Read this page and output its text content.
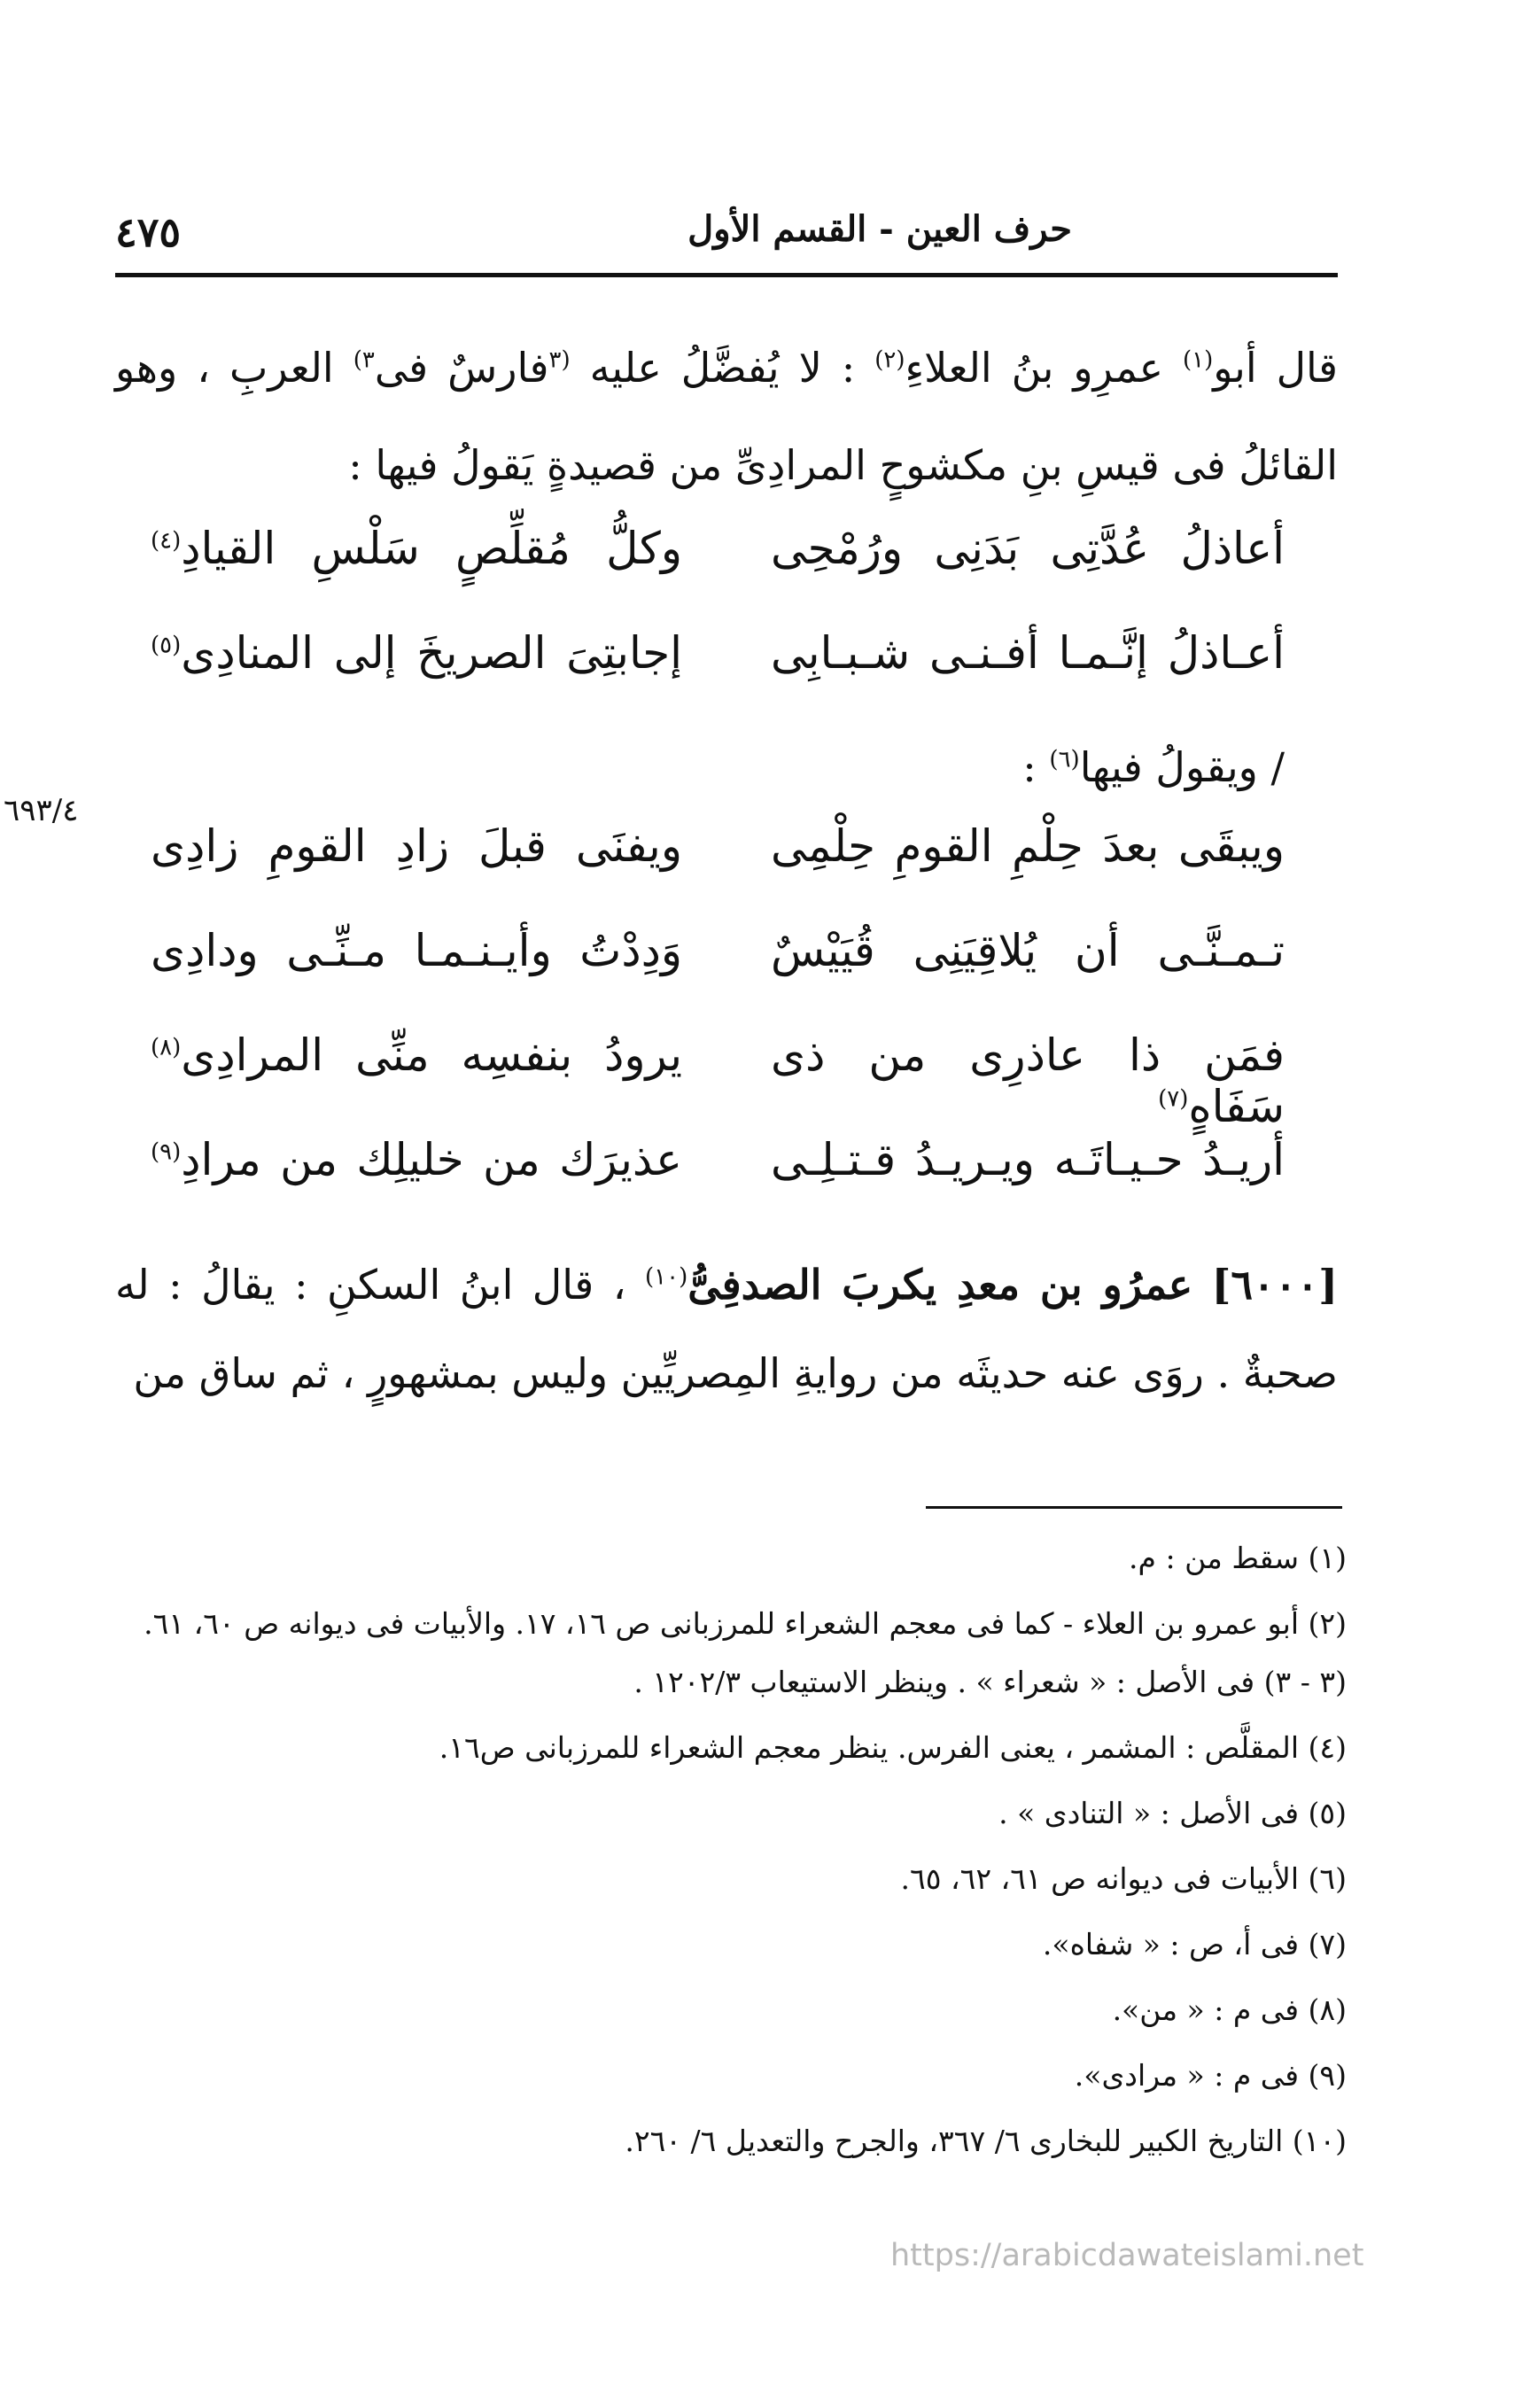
٤٧٥	حرف العين - القسم الأول
٦٩٣/٤

قال أبو$^{(١)}$ عمرِو بنُ العلاءِ$^{(٢)}$ : لا يُفضَّلُ عليه $^{(٣}$فارسٌ فى$^{٣)}$ العربِ ، وهو القائلُ فى قيسِ بنِ مكشوحٍ المرادِىِّ من قصيدةٍ يَقولُ فيها :

أعاذلُ عُدَّتِى بَدَنِى ورُمْحِى
وكلُّ مُقلِّصٍ سَلْسِ القيادِ$^{(٤)}$
أعـاذلُ إنَّـمـا أفـنـى شـبـابِى
إجابتِىَ الصريخَ إلى المنادِى$^{(٥)}$
/ ويقولُ فيها$^{(٦)}$ :
ويبقَى بعدَ حِلْمِ القومِ حِلْمِى
ويفنَى قبلَ زادِ القومِ زادِى
تـمـنَّـى أن يُلاقِيَنِى قُيَيْسٌ
وَدِدْتُ وأيـنـمـا مـنِّـى ودادِى
فمَن ذا عاذرِى من ذى سَفَاهٍ$^{(٧)}$
يرودُ بنفسِه منِّى المرادِى$^{(٨)}$
أريـدُ حـيـاتَـه ويـريـدُ قـتـلِـى
عذيرَك من خليلِك من مرادِ$^{(٩)}$

[٦٠٠٠] عمرُو بن معدِ يكربَ الصدفِىُّ$^{(١٠)}$ ، قال ابنُ السكنِ : يقالُ : له صحبةٌ . روَى عنه حديثَه من روايةِ المِصريِّين وليس بمشهورٍ ، ثم ساق من

(١) سقط من : م.
(٢) أبو عمرو بن العلاء - كما فى معجم الشعراء للمرزبانى ص ١٦، ١٧. والأبيات فى ديوانه ص ٦٠، ٦١.
(٣ - ٣) فى الأصل : « شعراء » . وينظر الاستيعاب ١٢٠٢/٣ .
(٤) المقلَّص : المشمر ، يعنى الفرس. ينظر معجم الشعراء للمرزبانى ص١٦.
(٥) فى الأصل : « التنادى » .
(٦) الأبيات فى ديوانه ص ٦١، ٦٢، ٦٥.
(٧) فى أ، ص : « شفاه».
(٨) فى م : « من».
(٩) فى م : « مرادى».
(١٠) التاريخ الكبير للبخارى ٦/ ٣٦٧، والجرح والتعديل ٦/ ٢٦٠.
https://arabicdawateislami.net
